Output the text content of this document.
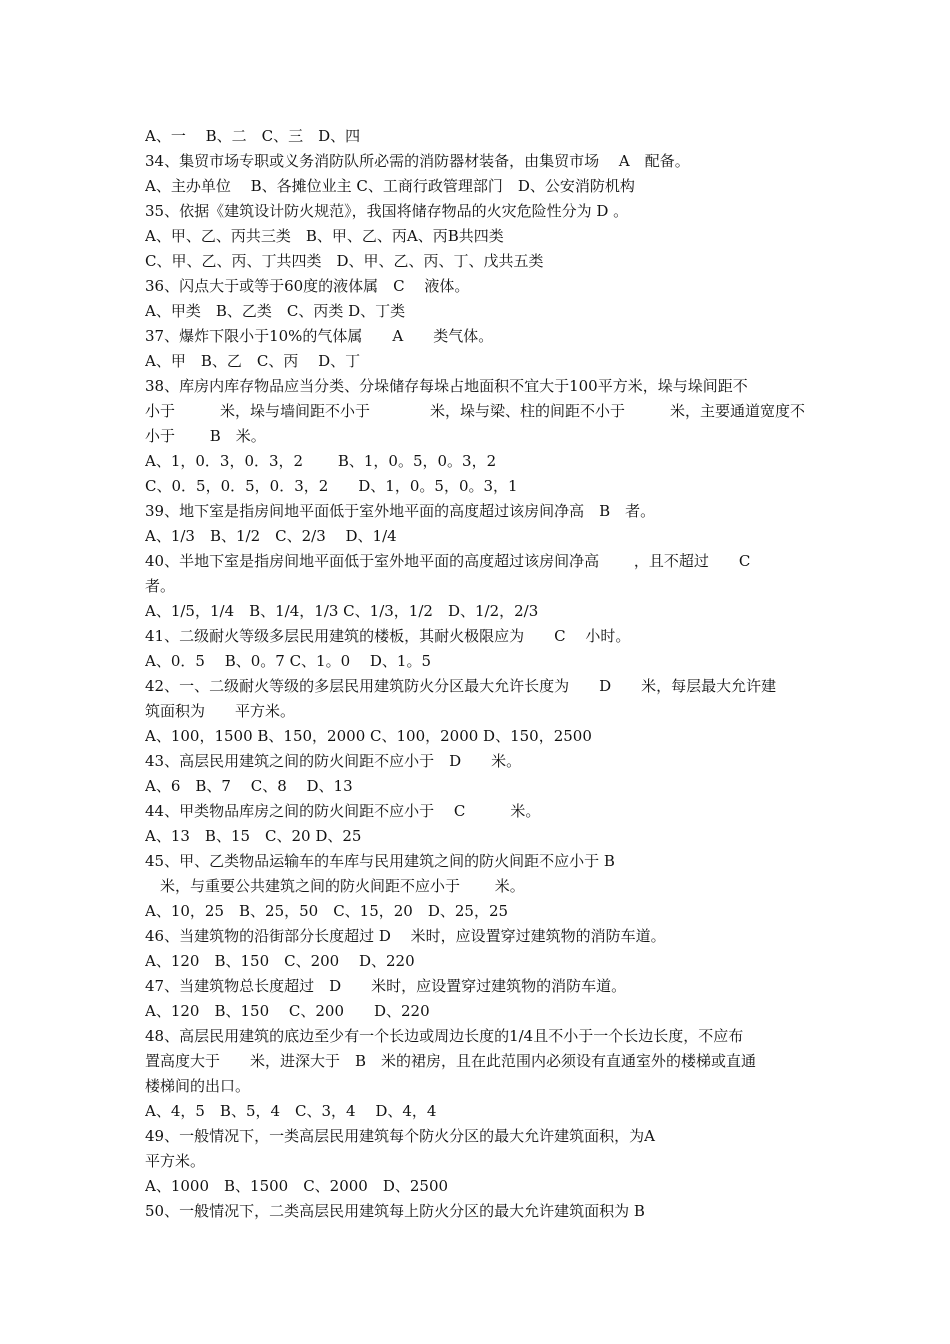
A、一　 B、二　C、三　D、四
34、集贸市场专职或义务消防队所必需的消防器材装备，由集贸市场　 A　配备。
A、主办单位　 B、各摊位业主 C、工商行政管理部门　D、公安消防机构
35、依据《建筑设计防火规范》，我国将储存物品的火灾危险性分为 D 。
A、甲、乙、丙共三类　B、甲、乙、丙A、丙B共四类
C、甲、乙、丙、丁共四类　D、甲、乙、丙、丁、戊共五类
36、闪点大于或等于60度的液体属　C　 液体。
A、甲类　B、乙类　C、丙类 D、丁类
37、爆炸下限小于10%的气体属　　A　　类气体。
A、甲　B、乙　C、丙　 D、丁
38、库房内库存物品应当分类、分垛储存每垛占地面积不宜大于100平方米，垛与垛间距不
小于　　　米，垛与墙间距不小于　　　　米，垛与梁、柱的间距不小于　　　米，主要通道宽度不
小于　　 B　米。
A、1，0．3，0．3，2　　 B、1，0。5，0。3，2
C、0．5，0．5，0．3，2　　D、1，0。5，0。3，1
39、地下室是指房间地平面低于室外地平面的高度超过该房间净高　B　者。
A、1/3　B、1/2　C、2/3　 D、1/4
40、半地下室是指房间地平面低于室外地平面的高度超过该房间净高　　 ，且不超过　　C
者。
A、1/5，1/4　B、1/4，1/3 C、1/3，1/2　D、1/2，2/3
41、二级耐火等级多层民用建筑的楼板，其耐火极限应为　　C　 小时。
A、0．5　 B、0。7 C、1。0　 D、1。5
42、一、二级耐火等级的多层民用建筑防火分区最大允许长度为　　D　　米，每层最大允许建
筑面积为　　平方米。
A、100，1500 B、150，2000 C、100，2000 D、150，2500
43、高层民用建筑之间的防火间距不应小于　D　　米。
A、6　B、7　 C、8　 D、13
44、甲类物品库房之间的防火间距不应小于　 C　　　米。
A、13　B、15　C、20 D、25
45、甲、乙类物品运输车的车库与民用建筑之间的防火间距不应小于 B
　米，与重要公共建筑之间的防火间距不应小于　　 米。
A、10，25　B、25，50　C、15，20　D、25，25
46、当建筑物的沿街部分长度超过 D　 米时，应设置穿过建筑物的消防车道。
A、120　B、150　C、200　 D、220
47、当建筑物总长度超过　D　　米时，应设置穿过建筑物的消防车道。
A、120　B、150　 C、200　　D、220
48、高层民用建筑的底边至少有一个长边或周边长度的1/4且不小于一个长边长度，不应布
置高度大于　　米，进深大于　B　米的裙房，且在此范围内必须设有直通室外的楼梯或直通
楼梯间的出口。
A、4，5　B、5，4　C、3，4　 D、4，4
49、一般情况下，一类高层民用建筑每个防火分区的最大允许建筑面积，为A
平方米。
A、1000　B、1500　C、2000　D、2500
50、一般情况下，二类高层民用建筑每上防火分区的最大允许建筑面积为 B
